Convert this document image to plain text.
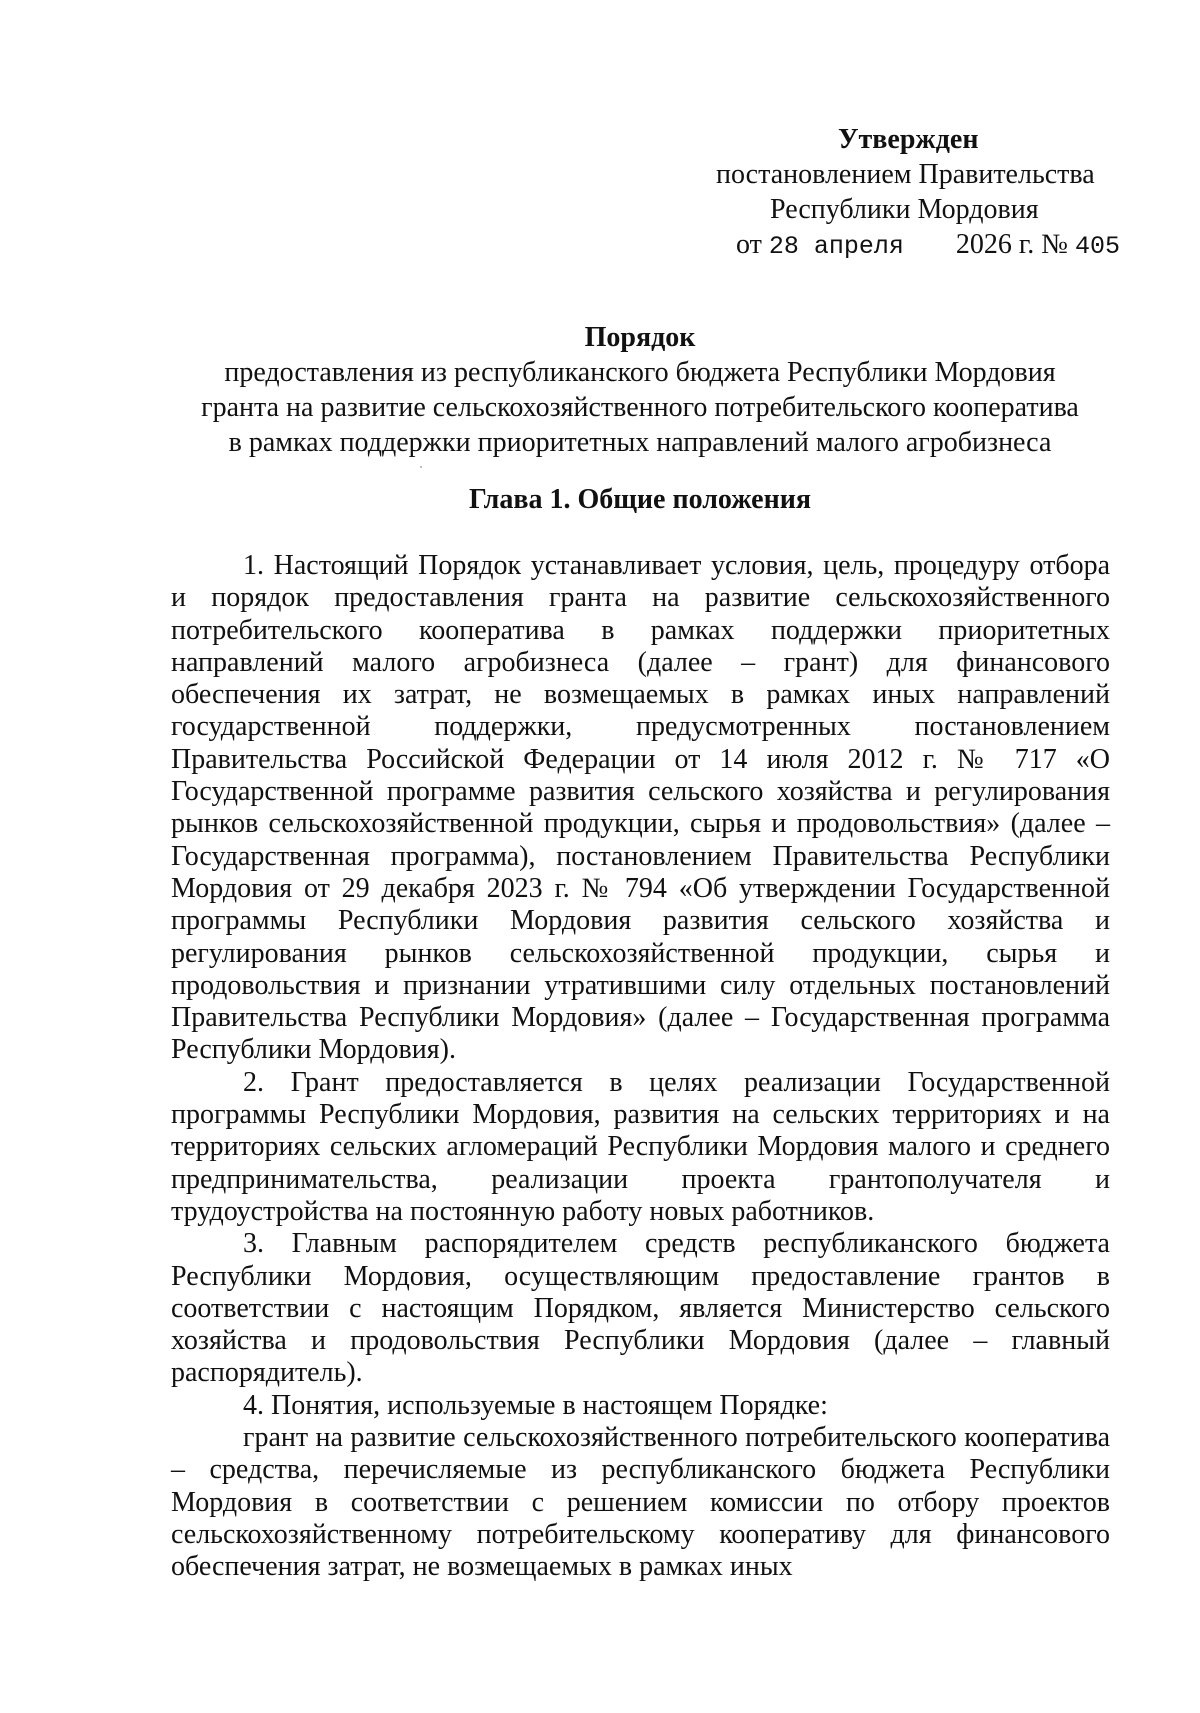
Утвержден
постановлением Правительства
Республики Мордовия
от 28 апреля 2026 г. № 405
Порядок
предоставления из республиканского бюджета Республики Мордовия
гранта на развитие сельскохозяйственного потребительского кооператива
в рамках поддержки приоритетных направлений малого агробизнеса
Глава 1. Общие положения

1. Настоящий Порядок устанавливает условия, цель, процедуру отбора и порядок предоставления гранта на развитие сельскохозяйственного потребительского кооператива в рамках поддержки приоритетных направлений малого агробизнеса (далее – грант) для финансового обеспечения их затрат, не возмещаемых в рамках иных направлений государственной поддержки, предусмотренных постановлением Правительства Российской Федерации от 14 июля 2012 г. № 717 «О Государственной программе развития сельского хозяйства и регулирования рынков сельскохозяйственной продукции, сырья и продовольствия» (далее – Государственная программа), постановлением Правительства Республики Мордовия от 29 декабря 2023 г. № 794 «Об утверждении Государственной программы Республики Мордовия развития сельского хозяйства и регулирования рынков сельскохозяйственной продукции, сырья и продовольствия и признании утратившими силу отдельных постановлений Правительства Республики Мордовия» (далее – Государственная программа Республики Мордовия).

2. Грант предоставляется в целях реализации Государственной программы Республики Мордовия, развития на сельских территориях и на территориях сельских агломераций Республики Мордовия малого и среднего предпринимательства, реализации проекта грантополучателя и трудоустройства на постоянную работу новых работников.

3. Главным распорядителем средств республиканского бюджета Республики Мордовия, осуществляющим предоставление грантов в соответствии с настоящим Порядком, является Министерство сельского хозяйства и продовольствия Республики Мордовия (далее – главный распорядитель).

4. Понятия, используемые в настоящем Порядке:

грант на развитие сельскохозяйственного потребительского кооператива – средства, перечисляемые из республиканского бюджета Республики Мордовия в соответствии с решением комиссии по отбору проектов сельскохозяйственному потребительскому кооперативу для финансового обеспечения затрат, не возмещаемых в рамках иных
